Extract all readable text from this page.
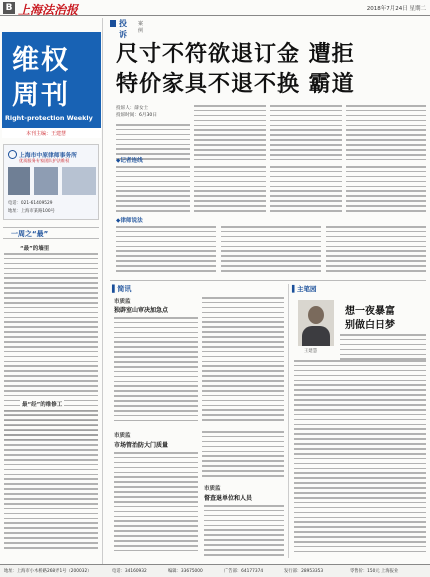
B 上海法治报	2018年7月24日 星期二
维权
周刊
Right-protection Weekly
本刊主编：王建慧
上海市中原律师事务所
优质服务专家团队护法维权
电话：021-61409529
地址：上海市某路100号
一周之“最”
“最”的墙里
最“经”的维修工
投诉
案例
尺寸不符欲退订金 遭拒
特价家具不退不换 霸道
投诉人：薛女士
投诉时间：6月30日
◆记者连线
◆律师说法
▌简讯
市质监
独辟室山审决加急点
市质监
市场管治防大门质量
市质监
督查退单位和人员
▌主笔园
想一夜暴富
别做白日梦
王建慧
地址：上海市小木桥路268弄1号（200032）	电话：34160932	编辑：33675000	广告部：64177374	发行部：28953353	零售价：150元 上海报业
